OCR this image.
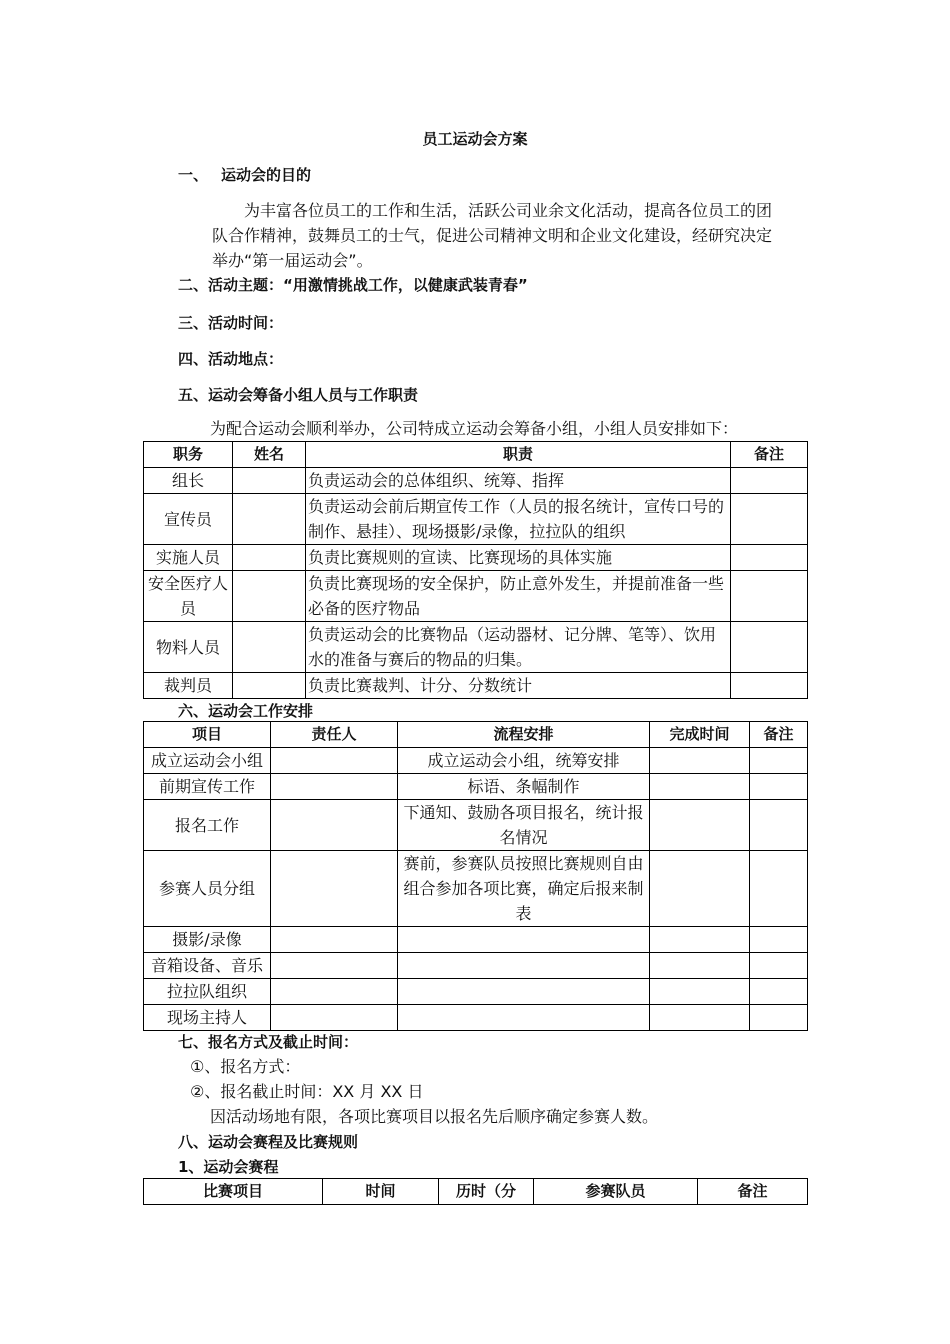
员工运动会方案
一、 运动会的目的
为丰富各位员工的工作和生活，活跃公司业余文化活动，提高各位员工的团
队合作精神，鼓舞员工的士气，促进公司精神文明和企业文化建设，经研究决定
举办“第一届运动会”。
二、活动主题：“用激情挑战工作，以健康武装青春”
三、活动时间：
四、活动地点：
五、运动会筹备小组人员与工作职责
为配合运动会顺利举办，公司特成立运动会筹备小组，小组人员安排如下：
职务	姓名	职责	备注
组长		负责运动会的总体组织、统筹、指挥	
宣传员		负责运动会前后期宣传工作（人员的报名统计，宣传口号的制作、悬挂）、现场摄影/录像，拉拉队的组织	
实施人员		负责比赛规则的宣读、比赛现场的具体实施	
安全医疗人员		负责比赛现场的安全保护，防止意外发生，并提前准备一些必备的医疗物品	
物料人员		负责运动会的比赛物品（运动器材、记分牌、笔等）、饮用水的准备与赛后的物品的归集。	
裁判员		负责比赛裁判、计分、分数统计	
六、运动会工作安排
项目	责任人	流程安排	完成时间	备注
成立运动会小组		成立运动会小组，统筹安排		
前期宣传工作		标语、条幅制作		
报名工作		下通知、鼓励各项目报名，统计报名情况		
参赛人员分组		赛前，参赛队员按照比赛规则自由组合参加各项比赛，确定后报来制表		
摄影/录像				
音箱设备、音乐				
拉拉队组织				
现场主持人				
七、报名方式及截止时间：
①、报名方式：
②、报名截止时间：XX 月 XX 日
因活动场地有限，各项比赛项目以报名先后顺序确定参赛人数。
八、运动会赛程及比赛规则
1、运动会赛程
比赛项目	时间	历时（分	参赛队员	备注
